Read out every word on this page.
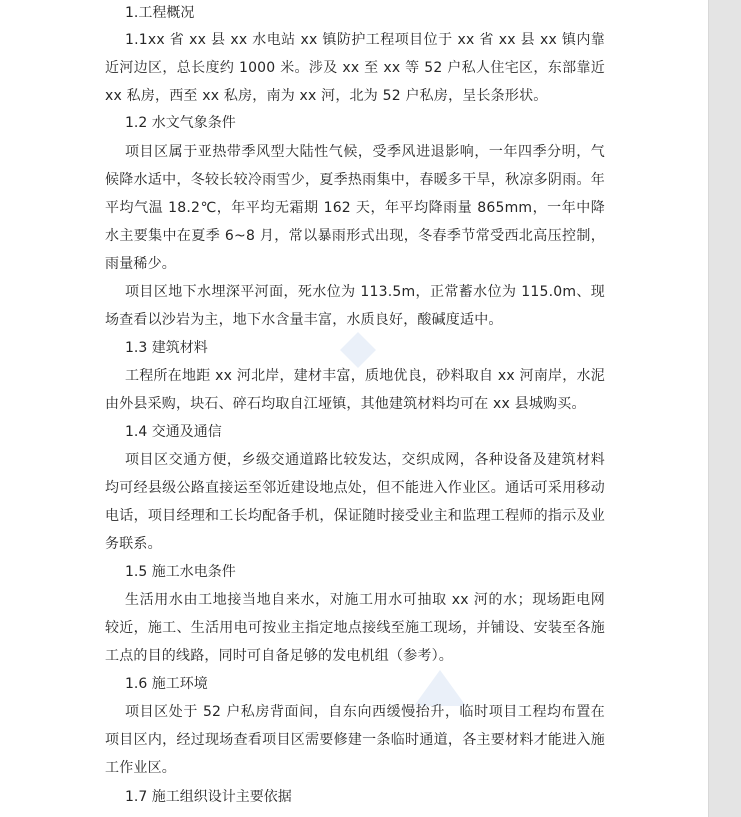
1.工程概况
1.1xx 省 xx 县 xx 水电站 xx 镇防护工程项目位于 xx 省 xx 县 xx 镇内靠近河边区，总长度约 1000 米。涉及 xx 至 xx 等 52 户私人住宅区，东部靠近 xx 私房，西至 xx 私房，南为 xx 河，北为 52 户私房，呈长条形状。
1.2 水文气象条件
项目区属于亚热带季风型大陆性气候，受季风进退影响，一年四季分明，气候降水适中，冬较长较冷雨雪少，夏季热雨集中，春暖多干旱，秋凉多阴雨。年平均气温 18.2℃，年平均无霜期 162 天，年平均降雨量 865mm，一年中降水主要集中在夏季 6~8 月，常以暴雨形式出现，冬春季节常受西北高压控制，雨量稀少。
项目区地下水埋深平河面，死水位为 113.5m，正常蓄水位为 115.0m、现场查看以沙岩为主，地下水含量丰富，水质良好，酸碱度适中。
1.3 建筑材料
工程所在地距 xx 河北岸，建材丰富，质地优良，砂料取自 xx 河南岸，水泥由外县采购，块石、碎石均取自江垭镇，其他建筑材料均可在 xx 县城购买。
1.4 交通及通信
项目区交通方便，乡级交通道路比较发达，交织成网，各种设备及建筑材料均可经县级公路直接运至邻近建设地点处，但不能进入作业区。通话可采用移动电话，项目经理和工长均配备手机，保证随时接受业主和监理工程师的指示及业务联系。
1.5 施工水电条件
生活用水由工地接当地自来水，对施工用水可抽取 xx 河的水；现场距电网较近，施工、生活用电可按业主指定地点接线至施工现场，并铺设、安装至各施工点的目的线路，同时可自备足够的发电机组（参考）。
1.6 施工环境
项目区处于 52 户私房背面间，自东向西缓慢抬升，临时项目工程均布置在项目区内，经过现场查看项目区需要修建一条临时通道，各主要材料才能进入施工作业区。
1.7 施工组织设计主要依据
